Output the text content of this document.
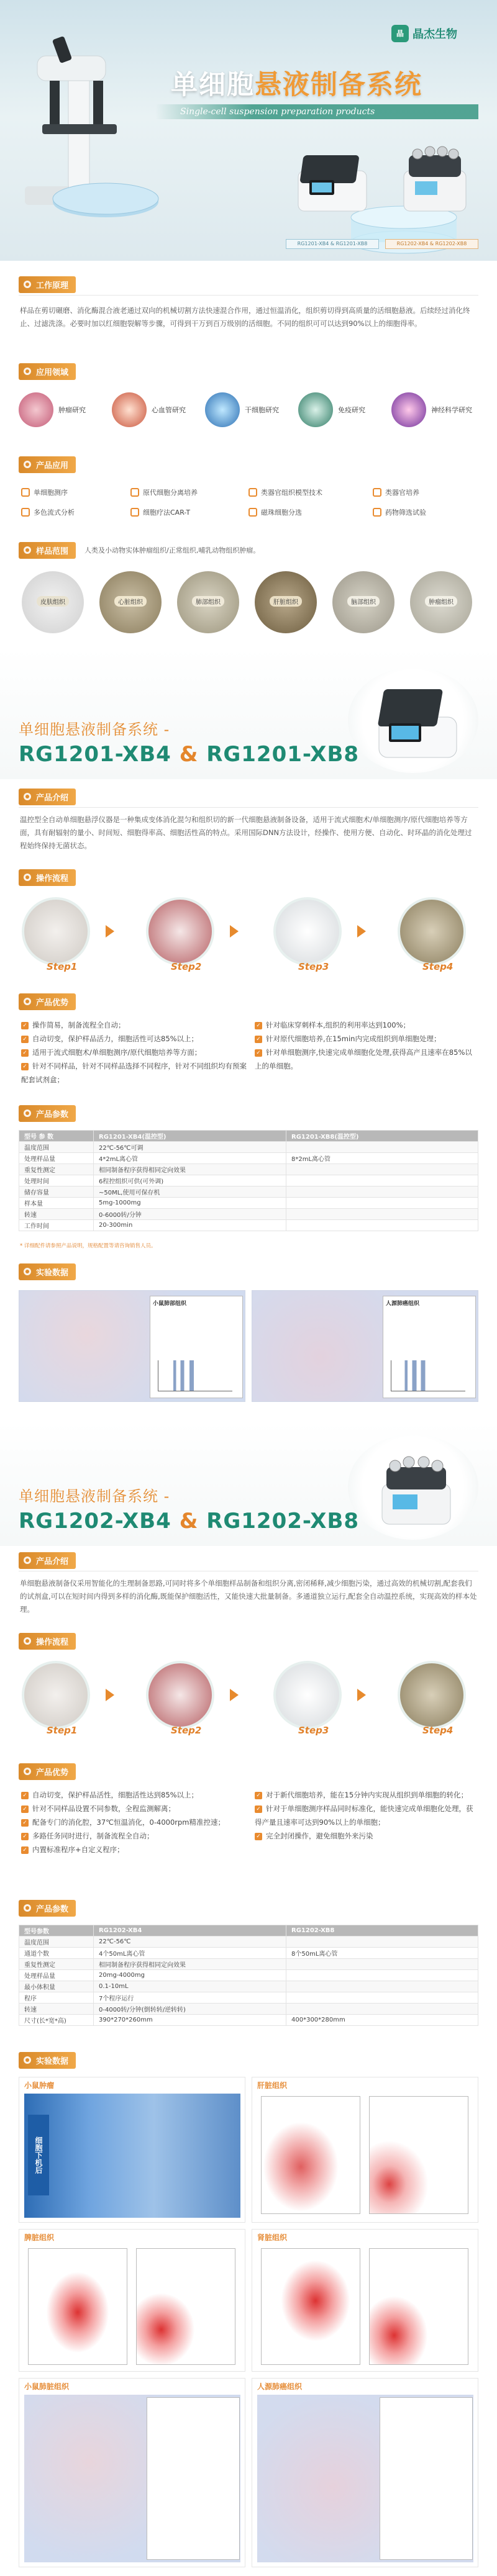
晶 晶杰生物
单细胞悬液制备系统
Single-cell suspension preparation products
RG1201-XB4 & RG1201-XB8	RG1202-XB4 & RG1202-XB8
工作原理
样品在剪切碾磨、消化酶混合液老通过双向的机械切割方法快速混合作用，通过恒温消化，组织剪切得到高质量的活细胞悬液。后续经过消化终止、过滤洗涤。必要时加以红细胞裂解等步骤，可得到干万到百万级别的活细胞。不同的组织可可以达到90%以上的细胞得率。
应用领域
肿瘤研究	心血管研究	干细胞研究	免疫研究	神经科学研究
产品应用
单细胞测序	原代细胞分离培养	类器官组织模型技术	类器官培养
多色流式分析	细胞疗法CAR-T	磁珠细胞分选	药物筛选试验
样品范围	人类及小动物实体肿瘤组织/正常组织,哺乳动物组织肿瘤。
皮肤组织	心脏组织	肺部组织	肝脏组织	脑部组织	肿瘤组织
单细胞悬液制备系统 -
RG1201-XB4 & RG1201-XB8
产品介绍
温控型全自动单细胞悬浮仪器是一种集成变体消化混匀和组织切的新一代细胞悬液制备设备，适用于流式细胞术/单细胞测序/原代细胞培养等方面，具有耐辐射的量小、时间短、细胞得率高、细胞活性高的特点。采用国际DNN方法设计，经操作、使用方便、自动化、时环晶的消化处理过程始终保持无菌状态。
操作流程
Step1	Step2	Step3	Step4
产品优势
✓ 操作简易，制备流程全自动；
✓ 自动切变，保护样品活力，细胞活性可达85%以上；
✓ 适用于流式细胞术/单细胞测序/原代细胞培养等方面；
✓ 针对不同样品，针对不同样品选择不同程序，针对不同组织均有预案配套试剂盒；
✓ 针对临床穿刺样本,组织的利用率达到100%；
✓ 针对原代细胞培养,在15min内完成组织到单细胞处理；
✓ 针对单细胞测序,快速完成单细胞化处理,获得高产且速率在85%以上的单细胞。
产品参数
型号 参 数	RG1201-XB4(温控型)	RG1201-XB8(温控型)
温度范围	22℃-56℃可调	
处理样品量	4*2mL离心管	8*2mL离心管
重复性测定	相同制备程序获得相同定向效果	
处理时间	6程控组织可供(可外调)	
储存容量	~50ML,使用可保存机	
样本量	5mg-1000mg	
转速	0-6000转/分钟	
工作时间	20-300min	
* 详细配件请参照产品说明，规格配置等请咨询销售人员。
实验数据
小鼠肺部组织	人源肺癌组织
单细胞悬液制备系统 -
RG1202-XB4 & RG1202-XB8
产品介绍
单细胞悬液制备仪采用智能化的生理制备思路,可同时将多个单细胞样品制备和组织分离,密闭稀释,减少细胞污染，通过高效的机械切割,配套我们的试剂盒,可以在短时间内得到多样的消化酶,既能保护细胞活性，又能快速大批量制备。多通道独立运行,配套全自动温控系统，实现高效的样本处理。
操作流程
Step1	Step2	Step3	Step4
产品优势
✓ 自动切变，保护样品活性，细胞活性达到85%以上；
✓ 针对不同样品设置不同参数，全程监测解离；
✓ 配备专门的消化腔，37℃恒温消化，0-4000rpm精准控速；
✓ 多路任务同时进行，制备流程全自动；
✓ 内置标准程序+自定义程序；
✓ 对于新代细胞培养，能在15分钟内实现从组织到单细胞的转化；
✓ 针对于单细胞测序样品同时标准化，能快速完成单细胞化处理，获得产量且速率可达到90%以上的单细胞；
✓ 完全封闭操作，避免细胞外来污染
产品参数
型号参数	RG1202-XB4	RG1202-XB8
温度范围	22℃-56℃	
通道个数	4个50mL离心管	8个50mL离心管
重复性测定	相同制备程序获得相同定向效果	
处理样品量	20mg-4000mg	
最小体积量	0.1-10mL	
程序	7个程序运行	
转速	0-4000转/分钟(倒转转/逆转转)	
尺寸(长*宽*高)	390*270*260mm	400*300*280mm
实验数据
小鼠肿瘤
细胞下机后
肝脏组织
脾脏组织	肾脏组织
小鼠肺脏组织	人源肺癌组织
